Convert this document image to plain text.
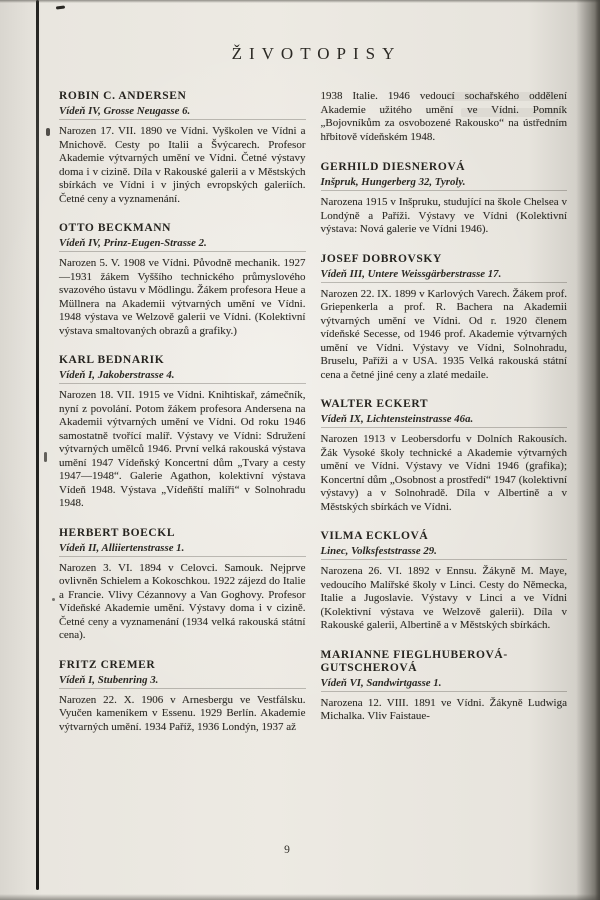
ŽIVOTOPISY
ROBIN C. ANDERSEN

Vídeň IV, Grosse Neugasse 6.

Narozen 17. VII. 1890 ve Vídni. Vyškolen ve Vídni a Mnichově. Cesty po Italii a Švýcarech. Profesor Akademie výtvarných umění ve Vídni. Četné výstavy doma i v cizině. Díla v Rakouské galerii a v Městských sbírkách ve Vídni i v jiných evropských galeriích. Četné ceny a vyznamenání.

OTTO BECKMANN

Vídeň IV, Prinz-Eugen-Strasse 2.

Narozen 5. V. 1908 ve Vídni. Původně mechanik. 1927—1931 žákem Vyššího technického průmyslového svazového ústavu v Mödlingu. Žákem profesora Heue a Müllnera na Akademii výtvarných umění ve Vídni. 1948 výstava ve Welzově galerii ve Vídni. (Kolektivní výstava smaltovaných obrazů a grafiky.)

KARL BEDNARIK

Vídeň I, Jakoberstrasse 4.

Narozen 18. VII. 1915 ve Vídni. Knihtiskař, zámečník, nyní z povolání. Potom žákem profesora Andersena na Akademii výtvarných umění ve Vídni. Od roku 1946 samostatně tvořící malíř. Výstavy ve Vídni: Sdružení výtvarných umělců 1946. První velká rakouská výstava umění 1947 Vídeňský Koncertní dům „Tvary a cesty 1947—1948“. Galerie Agathon, kolektivní výstava Vídeň 1948. Výstava „Vídeňští malíři“ v Solnohradu 1948.

HERBERT BOECKL

Vídeň II, Alliiertenstrasse 1.

Narozen 3. VI. 1894 v Celovci. Samouk. Nejprve ovlivněn Schielem a Kokoschkou. 1922 zájezd do Italie a Francie. Vlivy Cézannovy a Van Goghovy. Profesor Vídeňské Akademie umění. Výstavy doma i v cizině. Četné ceny a vyznamenání (1934 velká rakouská státní cena).

FRITZ CREMER

Vídeň I, Stubenring 3.

Narozen 22. X. 1906 v Arnesbergu ve Vestfálsku. Vyučen kameníkem v Essenu. 1929 Berlín. Akademie výtvarných umění. 1934 Paříž, 1936 Londýn, 1937 až

1938 Italie. 1946 vedoucí sochařského oddělení Akademie užitého umění ve Vídni. Pomník „Bojovníkům za osvobozené Rakousko“ na ústředním hřbitově vídeňském 1948.

GERHILD DIESNEROVÁ

Inšpruk, Hungerberg 32, Tyroly.

Narozena 1915 v Inšpruku, studující na škole Chelsea v Londýně a Paříži. Výstavy ve Vídni (Kolektivní výstava: Nová galerie ve Vídni 1946).

JOSEF DOBROVSKY

Vídeň III, Untere Weissgärberstrasse 17.

Narozen 22. IX. 1899 v Karlových Varech. Žákem prof. Griepenkerla a prof. R. Bachera na Akademii výtvarných umění ve Vídni. Od r. 1920 členem vídeňské Secesse, od 1946 prof. Akademie výtvarných umění ve Vídni. Výstavy ve Vídni, Solnohradu, Bruselu, Paříži a v USA. 1935 Velká rakouská státní cena a četné jiné ceny a zlaté medaile.

WALTER ECKERT

Vídeň IX, Lichtensteinstrasse 46a.

Narozen 1913 v Leobersdorfu v Dolních Rakousích. Žák Vysoké školy technické a Akademie výtvarných umění ve Vídni. Výstavy ve Vídni 1946 (grafika); Koncertní dům „Osobnost a prostředí“ 1947 (kolektivní výstavy) a v Solnohradě. Díla v Albertině a v Městských sbírkách ve Vídni.

VILMA ECKLOVÁ

Linec, Volksfeststrasse 29.

Narozena 26. VI. 1892 v Ennsu. Žákyně M. Maye, vedoucího Malířské školy v Linci. Cesty do Německa, Italie a Jugoslavie. Výstavy v Linci a ve Vídni (Kolektivní výstava ve Welzově galerii). Díla v Rakouské galerii, Albertině a v Městských sbírkách.

MARIANNE FIEGLHUBEROVÁ-GUTSCHEROVÁ

Vídeň VI, Sandwirtgasse 1.

Narozena 12. VIII. 1891 ve Vídni. Žákyně Ludwiga Michalka. Vliv Faistaue-

9
